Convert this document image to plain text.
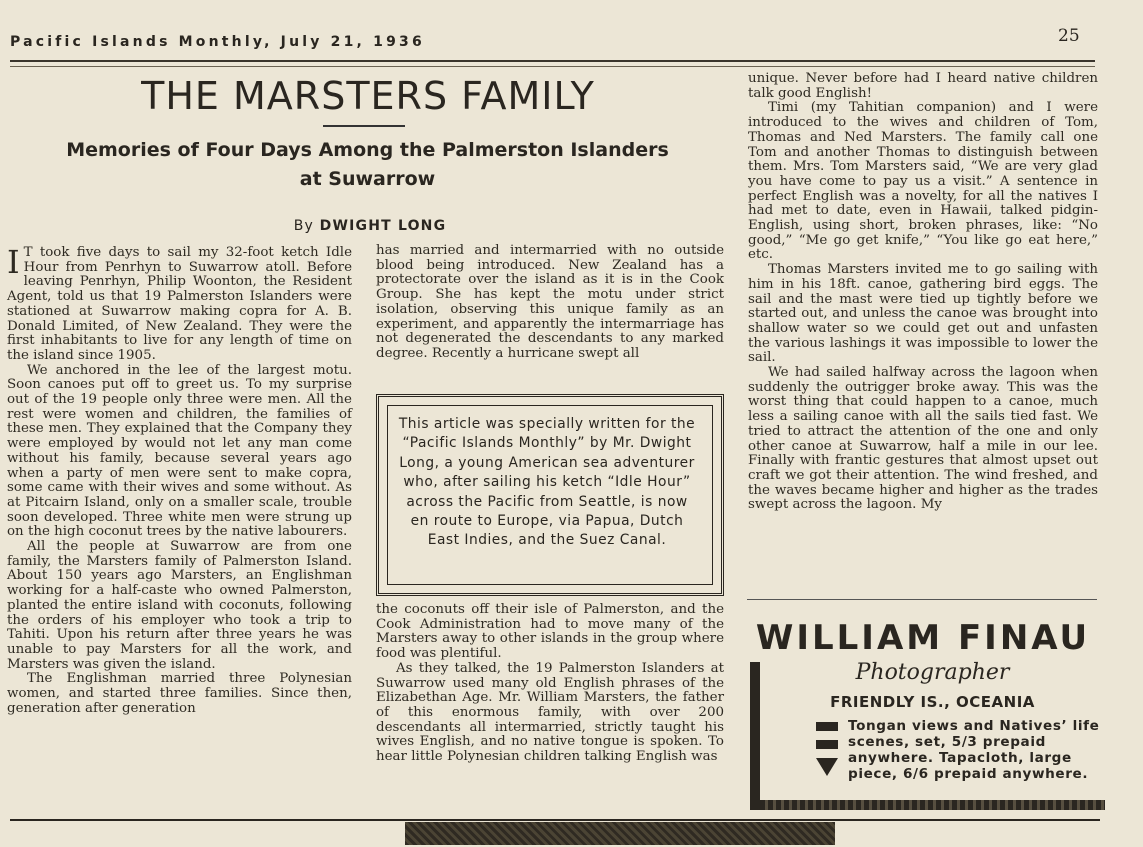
Pacific Islands Monthly, July 21, 1936	25
THE MARSTERS FAMILY
Memories of Four Days Among the Palmerston Islanders
at Suwarrow
By DWIGHT LONG

I T took five days to sail my 32-foot ketch Idle Hour from Penrhyn to Suwarrow atoll. Before leaving Penrhyn, Philip Woonton, the Resident Agent, told us that 19 Palmerston Islanders were stationed at Suwarrow making copra for A. B. Donald Limited, of New Zealand. They were the first inhabitants to live for any length of time on the island since 1905.

We anchored in the lee of the largest motu. Soon canoes put off to greet us. To my surprise out of the 19 people only three were men. All the rest were women and children, the families of these men. They explained that the Company they were employed by would not let any man come without his family, because several years ago when a party of men were sent to make copra, some came with their wives and some without. As at Pitcairn Island, only on a smaller scale, trouble soon developed. Three white men were strung up on the high coconut trees by the native labourers.

All the people at Suwarrow are from one family, the Marsters family of Palmerston Island. About 150 years ago Marsters, an Englishman working for a half-caste who owned Palmerston, planted the entire island with coconuts, following the orders of his employer who took a trip to Tahiti. Upon his return after three years he was unable to pay Marsters for all the work, and Marsters was given the island.

The Englishman married three Polynesian women, and started three families. Since then, generation after generation

has married and intermarried with no outside blood being introduced. New Zealand has a protectorate over the island as it is in the Cook Group. She has kept the motu under strict isolation, observing this unique family as an experiment, and apparently the intermarriage has not degenerated the descendants to any marked degree. Recently a hurricane swept all

This article was specially written for the “Pacific Islands Monthly” by Mr. Dwight Long, a young American sea adventurer who, after sailing his ketch “Idle Hour” across the Pacific from Seattle, is now en route to Europe, via Papua, Dutch East Indies, and the Suez Canal.

the coconuts off their isle of Palmerston, and the Cook Administration had to move many of the Marsters away to other islands in the group where food was plentiful.

As they talked, the 19 Palmerston Islanders at Suwarrow used many old English phrases of the Elizabethan Age. Mr. William Marsters, the father of this enormous family, with over 200 descendants all intermarried, strictly taught his wives English, and no native tongue is spoken. To hear little Polynesian children talking English was

unique. Never before had I heard native children talk good English!

Timi (my Tahitian companion) and I were introduced to the wives and children of Tom, Thomas and Ned Marsters. The family call one Tom and another Thomas to distinguish between them. Mrs. Tom Marsters said, “We are very glad you have come to pay us a visit.” A sentence in perfect English was a novelty, for all the natives I had met to date, even in Hawaii, talked pidgin-English, using short, broken phrases, like: “No good,” “Me go get knife,” “You like go eat here,” etc.

Thomas Marsters invited me to go sailing with him in his 18ft. canoe, gathering bird eggs. The sail and the mast were tied up tightly before we started out, and unless the canoe was brought into shallow water so we could get out and unfasten the various lashings it was impossible to lower the sail.

We had sailed halfway across the lagoon when suddenly the outrigger broke away. This was the worst thing that could happen to a canoe, much less a sailing canoe with all the sails tied fast. We tried to attract the attention of the one and only other canoe at Suwarrow, half a mile in our lee. Finally with frantic gestures that almost upset out craft we got their attention. The wind freshed, and the waves became higher and higher as the trades swept across the lagoon. My

WILLIAM FINAU
Photographer
FRIENDLY IS., OCEANIA
Tongan views and Natives’ life scenes, set, 5/3 prepaid anywhere. Tapacloth, large piece, 6/6 prepaid anywhere.
